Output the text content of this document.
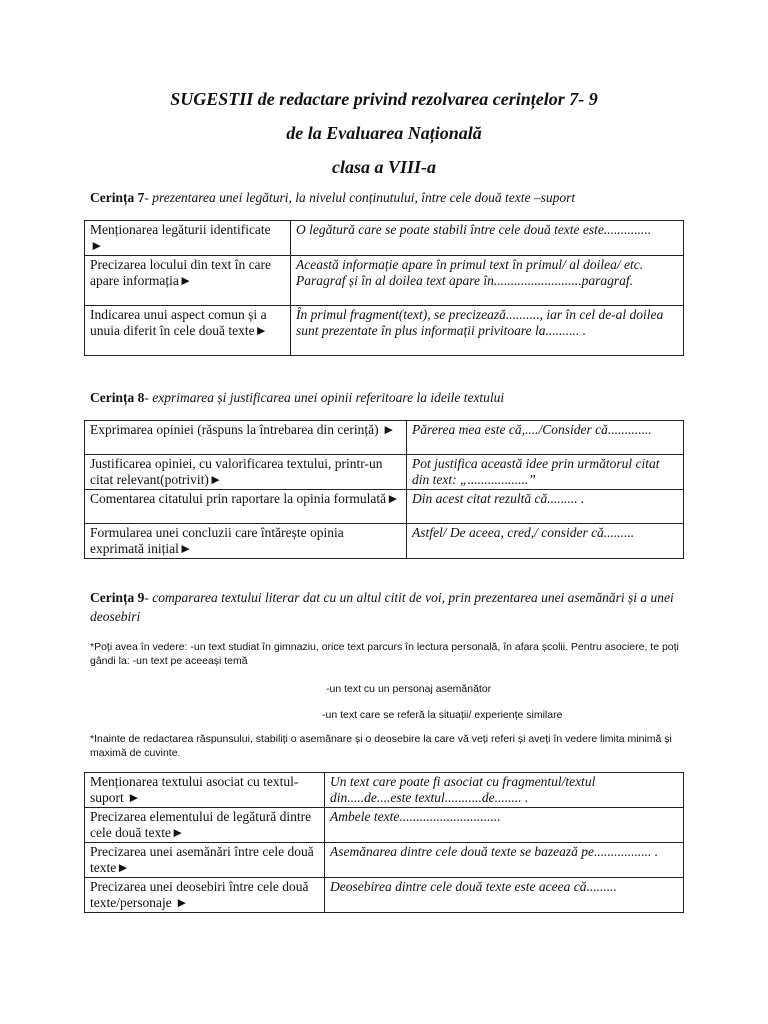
SUGESTII de redactare privind rezolvarea cerințelor 7- 9
de la Evaluarea Națională
clasa a VIII-a
Cerința 7- prezentarea unei legături, la nivelul conținutului, între cele două texte –suport
Menționarea legăturii identificate ►	O legătură care se poate stabili între cele două texte este..............
Precizarea locului din text în care apare informația►	Această informație apare în primul text în primul/ al doilea/ etc. Paragraf și în al doilea text apare în..........................paragraf.
Indicarea unui aspect comun și a unuia diferit în cele două texte►	În primul fragment(text), se precizează.........., iar în cel de-al doilea sunt prezentate în plus informații privitoare la.......... .
Cerința 8- exprimarea și justificarea unei opinii referitoare la ideile textului
Exprimarea opiniei (răspuns la întrebarea din cerință) ►	Părerea mea este că,..../Consider că.............
Justificarea opiniei, cu valorificarea textului, printr-un citat relevant(potrivit)►	Pot justifica această idee prin următorul citat din text: „..................”
Comentarea citatului prin raportare la opinia formulată►	Din acest citat rezultă că......... .
Formularea unei concluzii care întărește opinia exprimată inițial►	Astfel/ De aceea, cred,/ consider că.........
Cerința 9- compararea textului literar dat cu un altul citit de voi, prin prezentarea unei asemănări și a unei deosebiri
*Poți avea în vedere: -un text studiat în gimnaziu, orice text parcurs în lectura personală, în afara școlii. Pentru asociere, te poți gândi la: -un text pe aceeași temă
-un text cu un personaj asemănător
-un text care se referă la situații/ experiențe similare
*Inainte de redactarea răspunsului, stabiliți o asemănare și o deosebire la care vă veți referi și aveți în vedere limita minimă și maximă de cuvinte.
Menționarea textului asociat cu textul- suport ►	Un text care poate fi asociat cu fragmentul/textul din.....de....este textul...........de........ .
Precizarea elementului de legătură dintre cele două texte►	Ambele texte..............................
Precizarea unei asemănări între cele două texte►	Asemănarea dintre cele două texte se bazează pe................. .
Precizarea unei deosebiri între cele două texte/personaje ►	Deosebirea dintre cele două texte este aceea că.........
